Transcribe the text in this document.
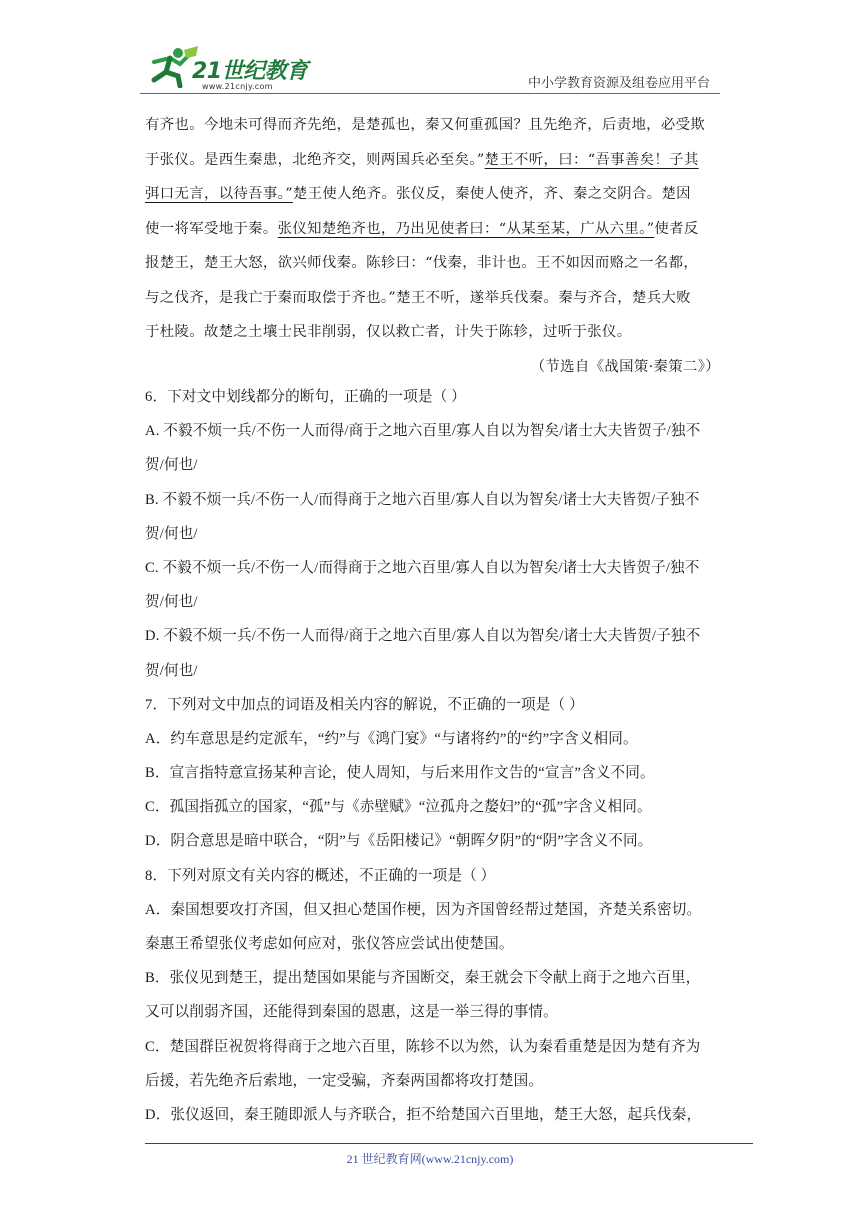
21世纪教育
www.21cnjy.com	中小学教育资源及组卷应用平台
有齐也。今地未可得而齐先绝，是楚孤也，秦又何重孤国？且先绝齐，后责地，必受欺
于张仪。是西生秦患，北绝齐交，则两国兵必至矣。”楚王不听，曰：“吾事善矣！子其
弭口无言，以待吾事。”楚王使人绝齐。张仪反，秦使人使齐，齐、秦之交阴合。楚因
使一将军受地于秦。张仪知楚绝齐也，乃出见使者曰：“从某至某，广从六里。”使者反
报楚王，楚王大怒，欲兴师伐秦。陈轸曰：“伐秦，非计也。王不如因而赂之一名都，
与之伐齐，是我亡于秦而取偿于齐也。”楚王不听，遂举兵伐秦。秦与齐合，楚兵大败
于杜陵。故楚之土壤士民非削弱，仅以救亡者，计失于陈轸，过听于张仪。
（节选自《战国策·秦策二》）
6．下对文中划线都分的断句，正确的一项是（ ）
A. 不毅不烦一兵/不伤一人而得/商于之地六百里/寡人自以为智矣/诸士大夫皆贺子/独不
贺/何也/
B. 不毅不烦一兵/不伤一人/而得商于之地六百里/寡人自以为智矣/诸士大夫皆贺/子独不
贺/何也/
C. 不毅不烦一兵/不伤一人/而得商于之地六百里/寡人自以为智矣/诸士大夫皆贺子/独不
贺/何也/
D. 不毅不烦一兵/不伤一人而得/商于之地六百里/寡人自以为智矣/诸士大夫皆贺/子独不
贺/何也/
7．下列对文中加点的词语及相关内容的解说，不正确的一项是（ ）
A．约车意思是约定派车，“约”与《鸿门宴》“与诸将约”的“约”字含义相同。
B．宣言指特意宣扬某种言论，使人周知，与后来用作文告的“宣言”含义不同。
C．孤国指孤立的国家，“孤”与《赤壁赋》“泣孤舟之嫠妇”的“孤”字含义相同。
D．阴合意思是暗中联合，“阴”与《岳阳楼记》“朝晖夕阴”的“阴”字含义不同。
8．下列对原文有关内容的概述，不正确的一项是（ ）
A．秦国想要攻打齐国，但又担心楚国作梗，因为齐国曾经帮过楚国，齐楚关系密切。
秦惠王希望张仪考虑如何应对，张仪答应尝试出使楚国。
B．张仪见到楚王，提出楚国如果能与齐国断交，秦王就会下令献上商于之地六百里，
又可以削弱齐国，还能得到秦国的恩惠，这是一举三得的事情。
C．楚国群臣祝贺将得商于之地六百里，陈轸不以为然，认为秦看重楚是因为楚有齐为
后援，若先绝齐后索地，一定受骗，齐秦两国都将攻打楚国。
D．张仪返回，秦王随即派人与齐联合，拒不给楚国六百里地，楚王大怒，起兵伐秦，
21 世纪教育网(www.21cnjy.com)
